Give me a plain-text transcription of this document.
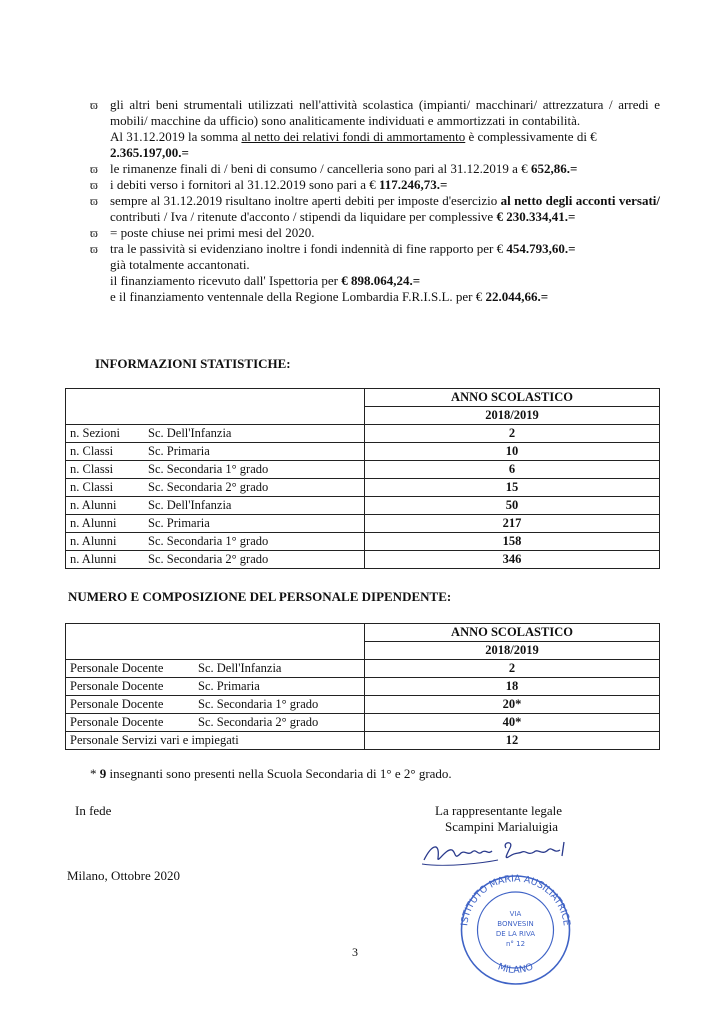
ϖ gli altri beni strumentali utilizzati nell'attività scolastica (impianti/ macchinari/ attrezzatura / arredi e mobili/ macchine da ufficio) sono analiticamente individuati e ammortizzati in contabilità.

Al 31.12.2019 la somma al netto dei relativi fondi di ammortamento è complessivamente di € 2.365.197,00.=

ϖ le rimanenze finali di / beni di consumo / cancelleria sono pari al 31.12.2019 a € 652,86.=

ϖ i debiti verso i fornitori al 31.12.2019 sono pari a € 117.246,73.=

ϖ sempre al 31.12.2019 risultano inoltre aperti debiti per imposte d'esercizio al netto degli acconti versati/ contributi / Iva / ritenute d'acconto / stipendi da liquidare per complessive € 230.334,41.=

ϖ = poste chiuse nei primi mesi del 2020.

ϖ tra le passività si evidenziano inoltre i fondi indennità di fine rapporto per € 454.793,60.=
già totalmente accantonati.

il finanziamento ricevuto dall' Ispettoria per € 898.064,24.=

e il finanziamento ventennale della Regione Lombardia F.R.I.S.L. per € 22.044,66.=

INFORMAZIONI STATISTICHE:
	ANNO SCOLASTICO
	2018/2019
n. Sezioni Sc. Dell'Infanzia	2
n. Classi Sc. Primaria	10
n. Classi Sc. Secondaria 1° grado	6
n. Classi Sc. Secondaria 2° grado	15
n. Alunni Sc. Dell'Infanzia	50
n. Alunni Sc. Primaria	217
n. Alunni Sc. Secondaria 1° grado	158
n. Alunni Sc. Secondaria 2° grado	346
NUMERO E COMPOSIZIONE DEL PERSONALE DIPENDENTE:
	ANNO SCOLASTICO
	2018/2019
Personale Docente Sc. Dell'Infanzia	2
Personale Docente Sc. Primaria	18
Personale Docente Sc. Secondaria 1° grado	20*
Personale Docente Sc. Secondaria 2° grado	40*
Personale Servizi vari e impiegati	12
* 9 insegnanti sono presenti nella Scuola Secondaria di 1° e 2° grado.
In fede	La rappresentante legale
Scampini Marialuigia
Milano, Ottobre 2020
ISTITUTO MARIA AUSILIATRICE
MILANO
VIA
BONVESIN
DE LA RIVA
n° 12
3
